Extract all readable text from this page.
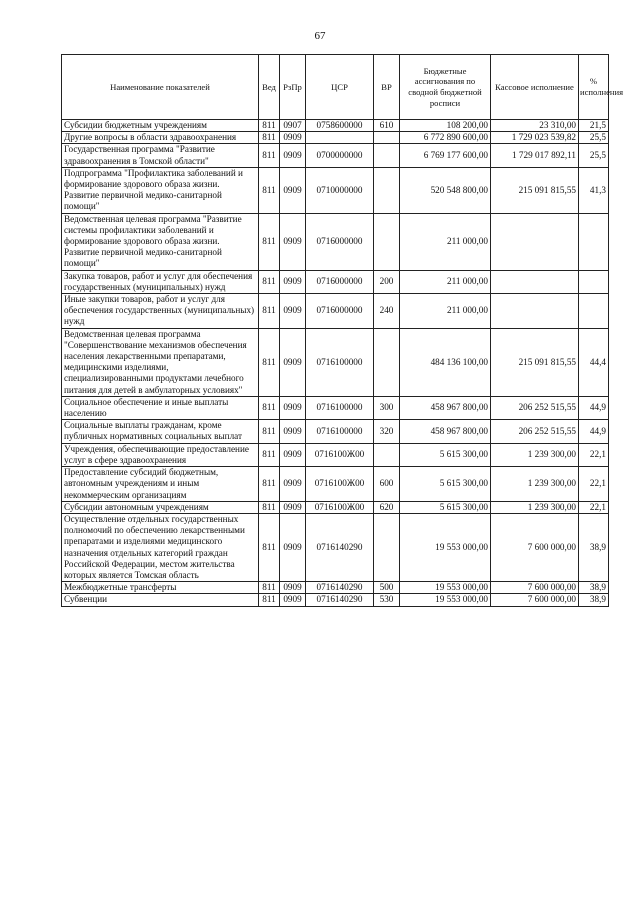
67
Наименование показателей	Вед	РзПр	ЦСР	ВР	Бюджетные ассигнования по сводной бюджетной росписи	Кассовое исполнение	% исполнения
Субсидии бюджетным учреждениям	811	0907	0758600000	610	108 200,00	23 310,00	21,5
Другие вопросы в области здравоохранения	811	0909			6 772 890 600,00	1 729 023 539,82	25,5
Государственная программа "Развитие здравоохранения в Томской области"	811	0909	0700000000		6 769 177 600,00	1 729 017 892,11	25,5
Подпрограмма "Профилактика заболеваний и формирование здорового образа жизни. Развитие первичной медико-санитарной помощи"	811	0909	0710000000		520 548 800,00	215 091 815,55	41,3
Ведомственная целевая программа "Развитие системы профилактики заболеваний и формирование здорового образа жизни. Развитие первичной медико-санитарной помощи"	811	0909	0716000000		211 000,00		
Закупка товаров, работ и услуг для обеспечения государственных (муниципальных) нужд	811	0909	0716000000	200	211 000,00		
Иные закупки товаров, работ и услуг для обеспечения государственных (муниципальных) нужд	811	0909	0716000000	240	211 000,00		
Ведомственная целевая программа "Совершенствование механизмов обеспечения населения лекарственными препаратами, медицинскими изделиями, специализированными продуктами лечебного питания для детей в амбулаторных условиях"	811	0909	0716100000		484 136 100,00	215 091 815,55	44,4
Социальное обеспечение и иные выплаты населению	811	0909	0716100000	300	458 967 800,00	206 252 515,55	44,9
Социальные выплаты гражданам, кроме публичных нормативных социальных выплат	811	0909	0716100000	320	458 967 800,00	206 252 515,55	44,9
Учреждения, обеспечивающие предоставление услуг в сфере здравоохранения	811	0909	0716100Ж00		5 615 300,00	1 239 300,00	22,1
Предоставление субсидий бюджетным, автономным учреждениям и иным некоммерческим организациям	811	0909	0716100Ж00	600	5 615 300,00	1 239 300,00	22,1
Субсидии автономным учреждениям	811	0909	0716100Ж00	620	5 615 300,00	1 239 300,00	22,1
Осуществление отдельных государственных полномочий по обеспечению лекарственными препаратами и изделиями медицинского назначения отдельных категорий граждан Российской Федерации, местом жительства которых является Томская область	811	0909	0716140290		19 553 000,00	7 600 000,00	38,9
Межбюджетные трансферты	811	0909	0716140290	500	19 553 000,00	7 600 000,00	38,9
Субвенции	811	0909	0716140290	530	19 553 000,00	7 600 000,00	38,9
